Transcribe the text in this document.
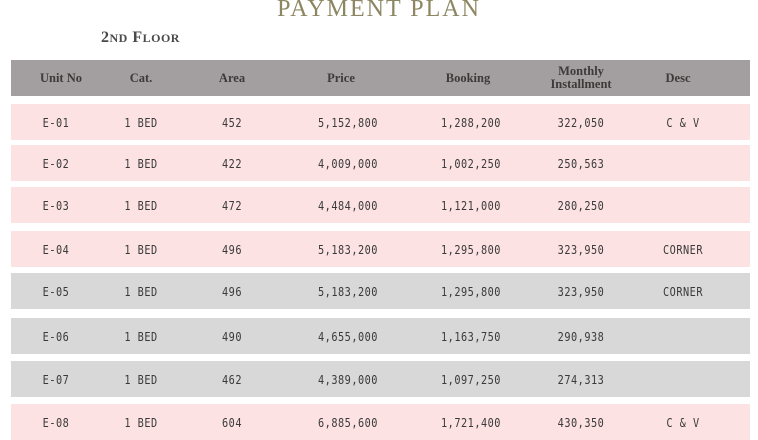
PAYMENT PLAN
2ND FLOOR
Unit No	Cat.	Area	Price	Booking	Monthly Installment	Desc
E-01	1 BED	452	5,152,800	1,288,200	322,050	C & V
E-02	1 BED	422	4,009,000	1,002,250	250,563
E-03	1 BED	472	4,484,000	1,121,000	280,250
E-04	1 BED	496	5,183,200	1,295,800	323,950	CORNER
E-05	1 BED	496	5,183,200	1,295,800	323,950	CORNER
E-06	1 BED	490	4,655,000	1,163,750	290,938
E-07	1 BED	462	4,389,000	1,097,250	274,313
E-08	1 BED	604	6,885,600	1,721,400	430,350	C & V
